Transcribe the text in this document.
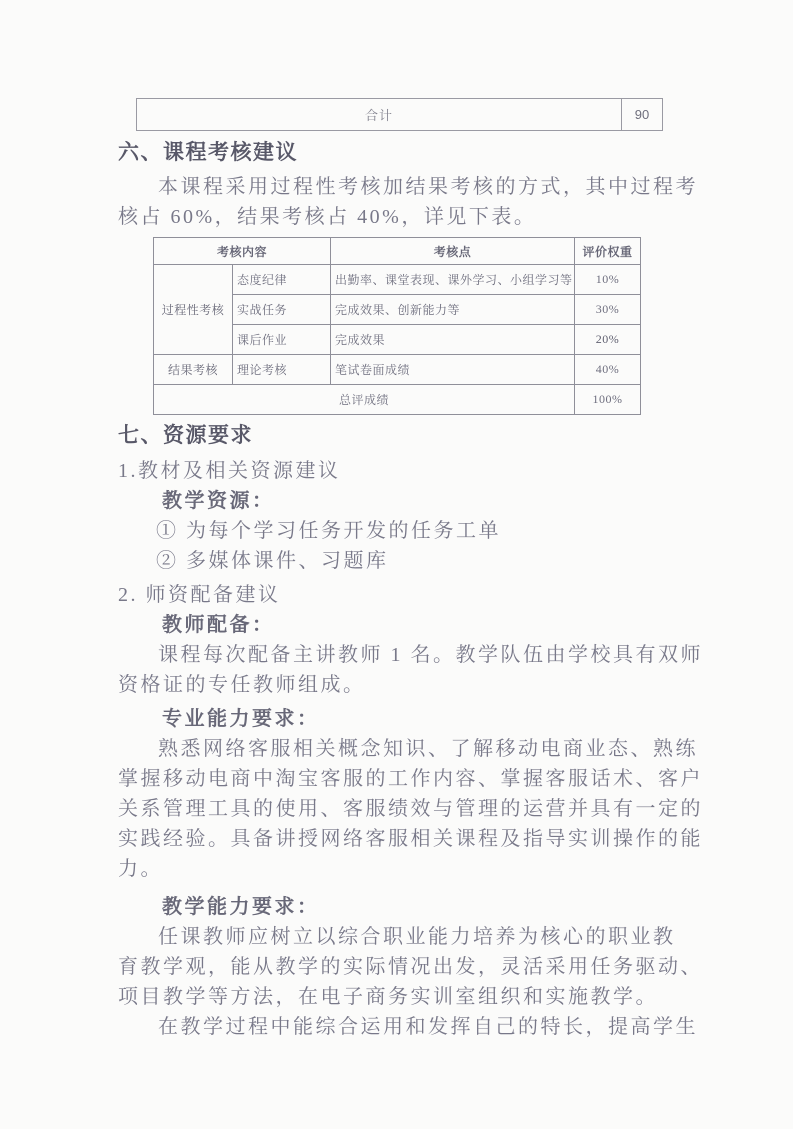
合计	90
六、课程考核建议
本课程采用过程性考核加结果考核的方式，其中过程考
核占 60%，结果考核占 40%，详见下表。
考核内容		考核点	评价权重
过程性考核	态度纪律	出勤率、课堂表现、课外学习、小组学习等	10%
	实战任务	完成效果、创新能力等	30%
	课后作业	完成效果	20%
结果考核	理论考核	笔试卷面成绩	40%
总评成绩			100%
七、资源要求
1.教材及相关资源建议
教学资源：
① 为每个学习任务开发的任务工单
② 多媒体课件、习题库
2. 师资配备建议
教师配备：
课程每次配备主讲教师 1 名。教学队伍由学校具有双师
资格证的专任教师组成。
专业能力要求：
熟悉网络客服相关概念知识、了解移动电商业态、熟练
掌握移动电商中淘宝客服的工作内容、掌握客服话术、客户
关系管理工具的使用、客服绩效与管理的运营并具有一定的
实践经验。具备讲授网络客服相关课程及指导实训操作的能
力。
教学能力要求：
任课教师应树立以综合职业能力培养为核心的职业教
育教学观，能从教学的实际情况出发，灵活采用任务驱动、
项目教学等方法，在电子商务实训室组织和实施教学。
在教学过程中能综合运用和发挥自己的特长，提高学生
